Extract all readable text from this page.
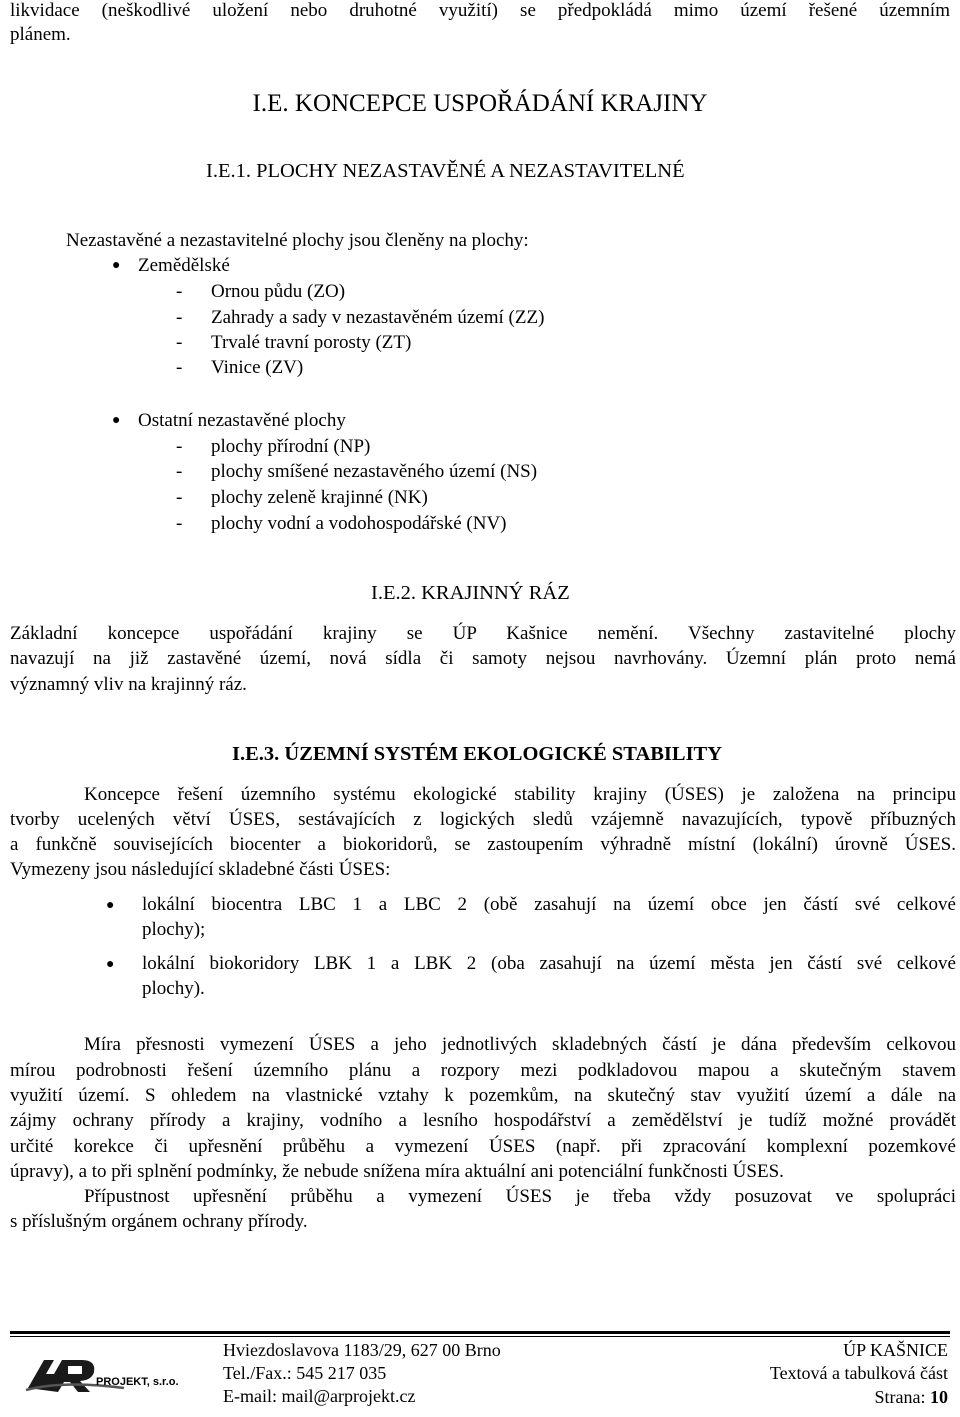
likvidace (neškodlivé uložení nebo druhotné využití) se předpokládá mimo území řešené územním
plánem.
I.E. KONCEPCE USPOŘÁDÁNÍ KRAJINY
I.E.1. PLOCHY NEZASTAVĚNÉ A NEZASTAVITELNÉ
Nezastavěné a nezastavitelné plochy jsou členěny na plochy:
● Zemědělské
- Ornou půdu (ZO)
- Zahrady a sady v nezastavěném území (ZZ)
- Trvalé travní porosty (ZT)
- Vinice (ZV)
● Ostatní nezastavěné plochy
- plochy přírodní (NP)
- plochy smíšené nezastavěného území (NS)
- plochy zeleně krajinné (NK)
- plochy vodní a vodohospodářské (NV)
I.E.2. KRAJINNÝ RÁZ
Základní koncepce uspořádání krajiny se ÚP Kašnice nemění. Všechny zastavitelné plochy
navazují na již zastavěné území, nová sídla či samoty nejsou navrhovány. Územní plán proto nemá
významný vliv na krajinný ráz.
I.E.3. ÚZEMNÍ SYSTÉM EKOLOGICKÉ STABILITY
Koncepce řešení územního systému ekologické stability krajiny (ÚSES) je založena na principu
tvorby ucelených větví ÚSES, sestávajících z logických sledů vzájemně navazujících, typově příbuzných
a funkčně souvisejících biocenter a biokoridorů, se zastoupením výhradně místní (lokální) úrovně ÚSES.
Vymezeny jsou následující skladebné části ÚSES:
● lokální biocentra LBC 1 a LBC 2 (obě zasahují na území obce jen částí své celkové
plochy);
● lokální biokoridory LBK 1 a LBK 2 (oba zasahují na území města jen částí své celkové
plochy).
Míra přesnosti vymezení ÚSES a jeho jednotlivých skladebných částí je dána především celkovou
mírou podrobnosti řešení územního plánu a rozpory mezi podkladovou mapou a skutečným stavem
využití území. S ohledem na vlastnické vztahy k pozemkům, na skutečný stav využití území a dále na
zájmy ochrany přírody a krajiny, vodního a lesního hospodářství a zemědělství je tudíž možné provádět
určité korekce či upřesnění průběhu a vymezení ÚSES (např. při zpracování komplexní pozemkové
úpravy), a to při splnění podmínky, že nebude snížena míra aktuální ani potenciální funkčnosti ÚSES.
Přípustnost upřesnění průběhu a vymezení ÚSES je třeba vždy posuzovat ve spolupráci
s příslušným orgánem ochrany přírody.
PROJEKT, s.r.o.
Hviezdoslavova 1183/29, 627 00 Brno
Tel./Fax.: 545 217 035
E-mail: mail@arprojekt.cz
ÚP KAŠNICE
Textová a tabulková část
Strana: 10
